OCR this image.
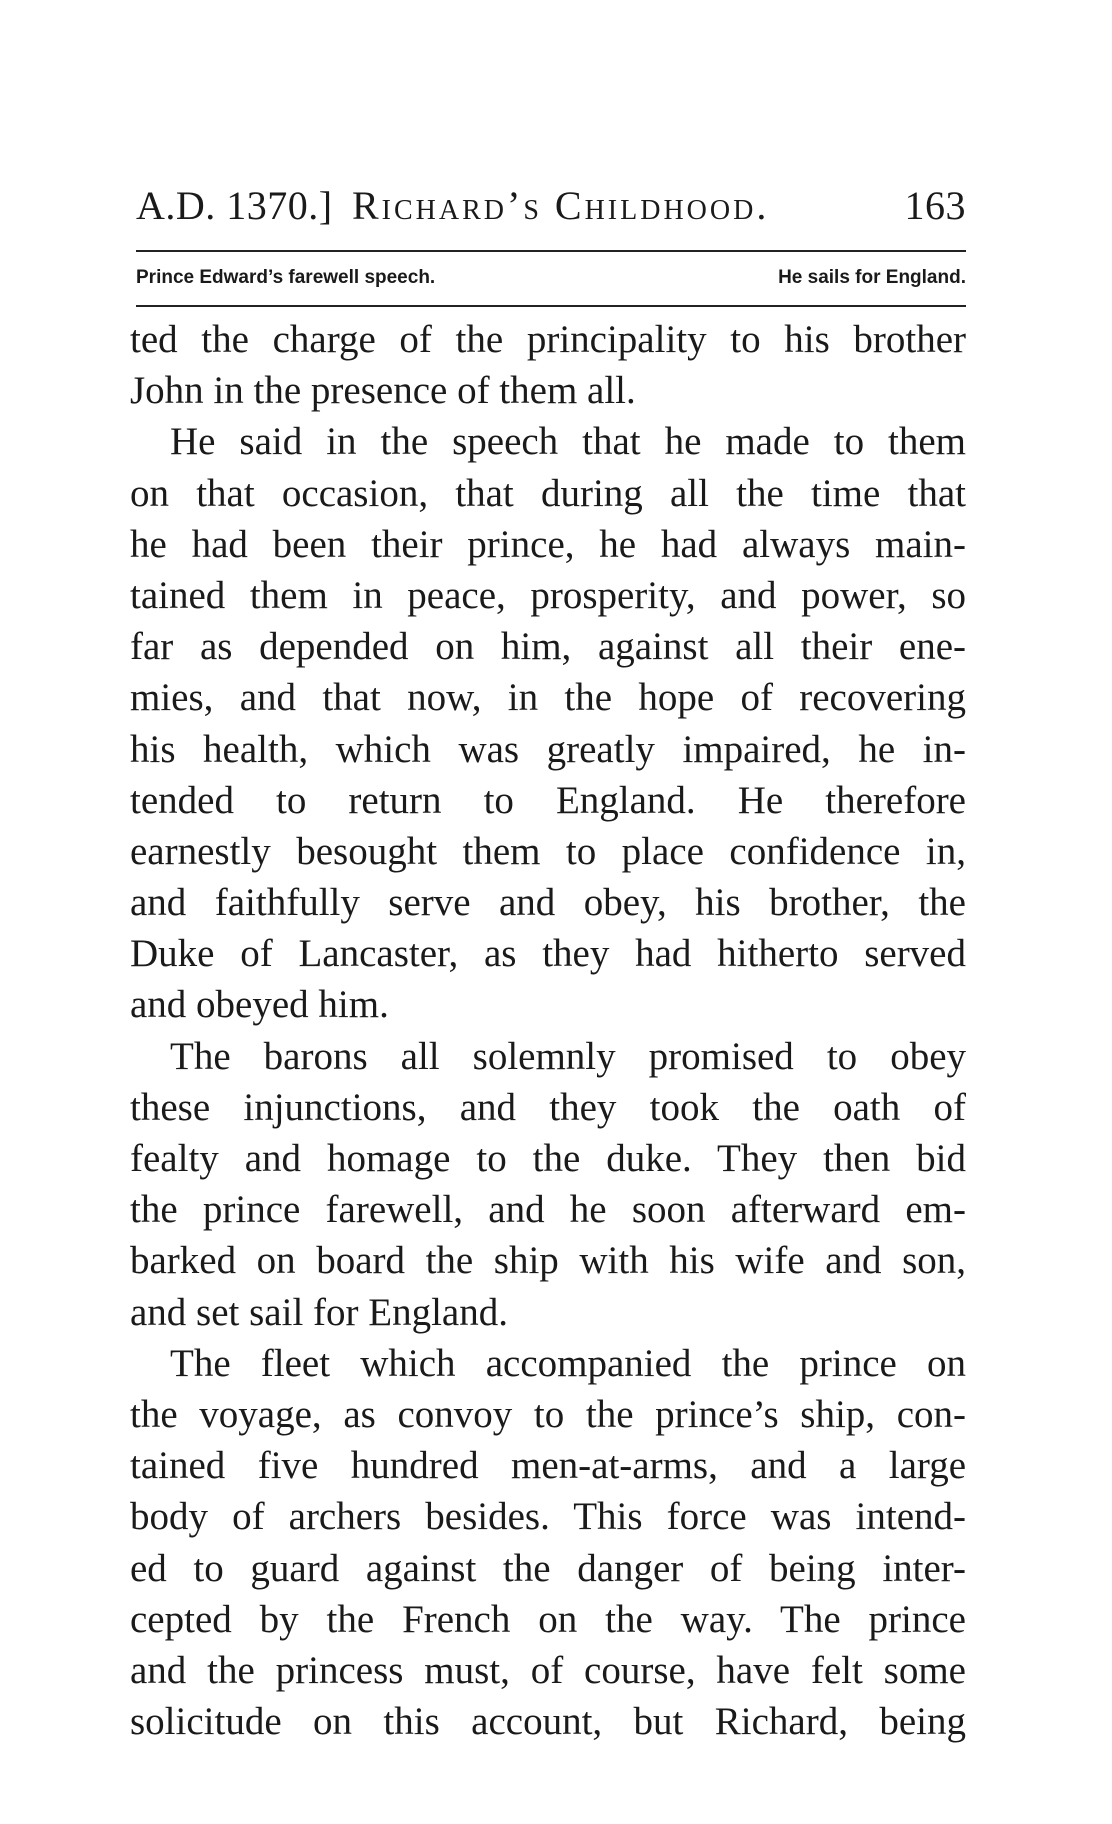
A.D. 1370.] Richard’s Childhood.	163
Prince Edward’s farewell speech.	He sails for England.
ted the charge of the principality to his brother
John in the presence of them all.
He said in the speech that he made to them
on that occasion, that during all the time that
he had been their prince, he had always main-
tained them in peace, prosperity, and power, so
far as depended on him, against all their ene-
mies, and that now, in the hope of recovering
his health, which was greatly impaired, he in-
tended to return to England. He therefore
earnestly besought them to place confidence in,
and faithfully serve and obey, his brother, the
Duke of Lancaster, as they had hitherto served
and obeyed him.
The barons all solemnly promised to obey
these injunctions, and they took the oath of
fealty and homage to the duke. They then bid
the prince farewell, and he soon afterward em-
barked on board the ship with his wife and son,
and set sail for England.
The fleet which accompanied the prince on
the voyage, as convoy to the prince’s ship, con-
tained five hundred men-at-arms, and a large
body of archers besides. This force was intend-
ed to guard against the danger of being inter-
cepted by the French on the way. The prince
and the princess must, of course, have felt some
solicitude on this account, but Richard, being
